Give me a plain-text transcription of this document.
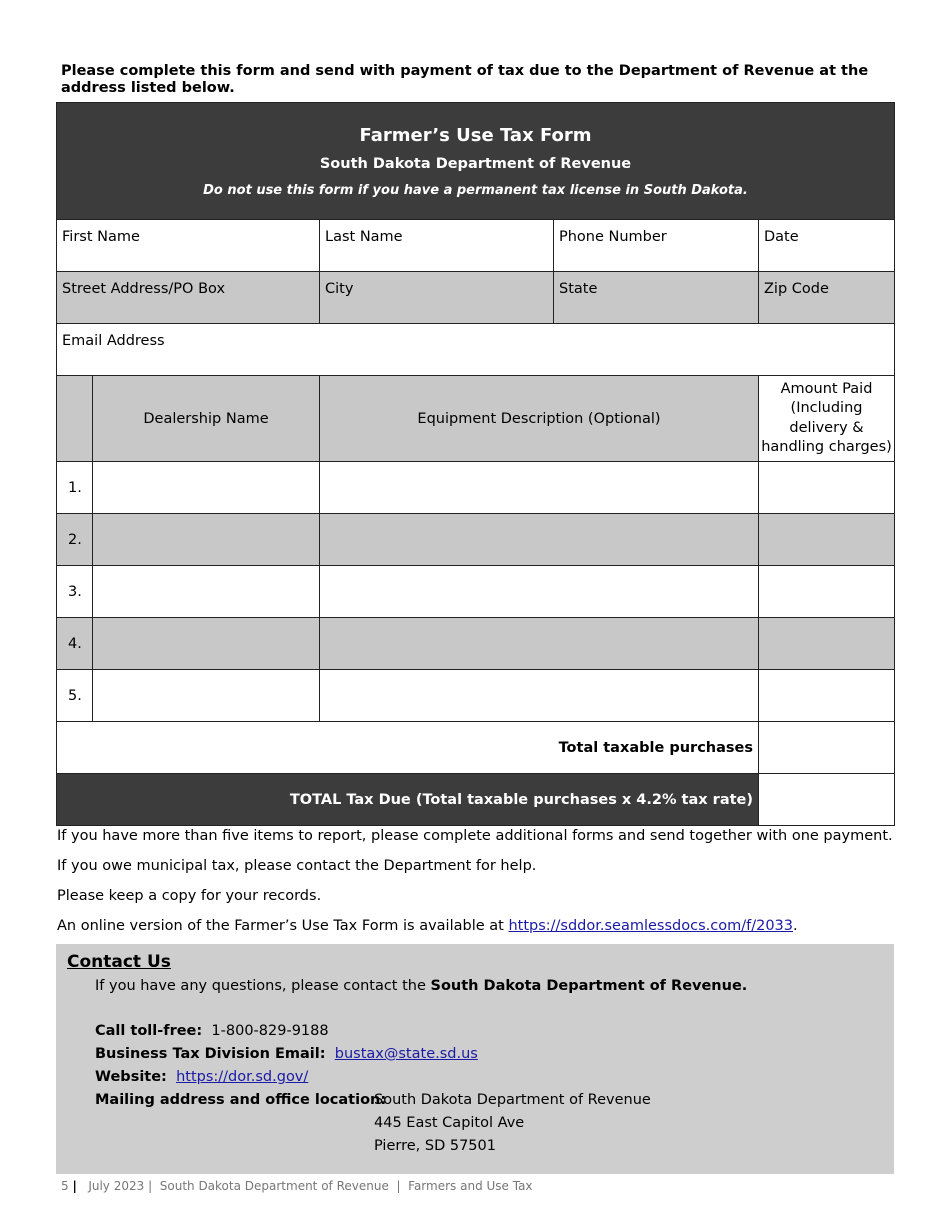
Please complete this form and send with payment of tax due to the Department of Revenue at the address listed below.
Farmer’s Use Tax Form
South Dakota Department of Revenue
Do not use this form if you have a permanent tax license in South Dakota.				

First Name		Last Name	Phone Number	Date
Street Address/PO Box		City	State	Zip Code
Email Address				
	Dealership Name	Equipment Description (Optional)		Amount Paid (Including delivery & handling charges)
1.				
2.				
3.				
4.				
5.				
Total taxable purchases				
TOTAL Tax Due (Total taxable purchases x 4.2% tax rate)				
If you have more than five items to report, please complete additional forms and send together with one payment.
If you owe municipal tax, please contact the Department for help.
Please keep a copy for your records.
An online version of the Farmer’s Use Tax Form is available at https://sddor.seamlessdocs.com/f/2033.
Contact Us
If you have any questions, please contact the South Dakota Department of Revenue.
Call toll-free: 1-800-829-9188
Business Tax Division Email: bustax@state.sd.us
Website: https://dor.sd.gov/
Mailing address and office location:
South Dakota Department of Revenue
445 East Capitol Ave
Pierre, SD 57501
5 | July 2023 |  South Dakota Department of Revenue  |  Farmers and Use Tax
